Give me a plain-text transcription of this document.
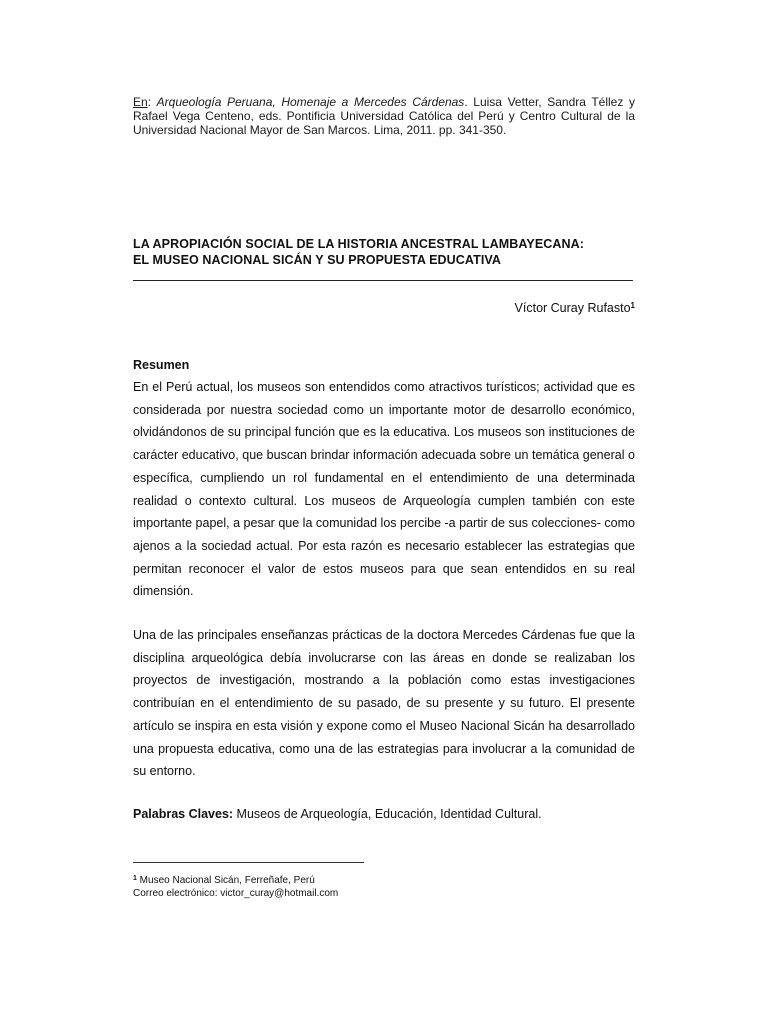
En: Arqueología Peruana, Homenaje a Mercedes Cárdenas. Luisa Vetter, Sandra Téllez y Rafael Vega Centeno, eds. Pontificia Universidad Católica del Perú y Centro Cultural de la Universidad Nacional Mayor de San Marcos. Lima, 2011. pp. 341-350.
LA APROPIACIÓN SOCIAL DE LA HISTORIA ANCESTRAL LAMBAYECANA:
EL MUSEO NACIONAL SICÁN Y SU PROPUESTA EDUCATIVA
Víctor Curay Rufasto$^1$
Resumen
En el Perú actual, los museos son entendidos como atractivos turísticos; actividad que es considerada por nuestra sociedad como un importante motor de desarrollo económico, olvidándonos de su principal función que es la educativa. Los museos son instituciones de carácter educativo, que buscan brindar información adecuada sobre un temática general o específica, cumpliendo un rol fundamental en el entendimiento de una determinada realidad o contexto cultural. Los museos de Arqueología cumplen también con este importante papel, a pesar que la comunidad los percibe -a partir de sus colecciones- como ajenos a la sociedad actual. Por esta razón es necesario establecer las estrategias que permitan reconocer el valor de estos museos para que sean entendidos en su real dimensión.
Una de las principales enseñanzas prácticas de la doctora Mercedes Cárdenas fue que la disciplina arqueológica debía involucrarse con las áreas en donde se realizaban los proyectos de investigación, mostrando a la población como estas investigaciones contribuían en el entendimiento de su pasado, de su presente y su futuro. El presente artículo se inspira en esta visión y expone como el Museo Nacional Sicán ha desarrollado una propuesta educativa, como una de las estrategias para involucrar a la comunidad de su entorno.
Palabras Claves: Museos de Arqueología, Educación, Identidad Cultural.
$^1$ Museo Nacional Sicán, Ferreñafe, Perú
Correo electrónico: victor_curay@hotmail.com
